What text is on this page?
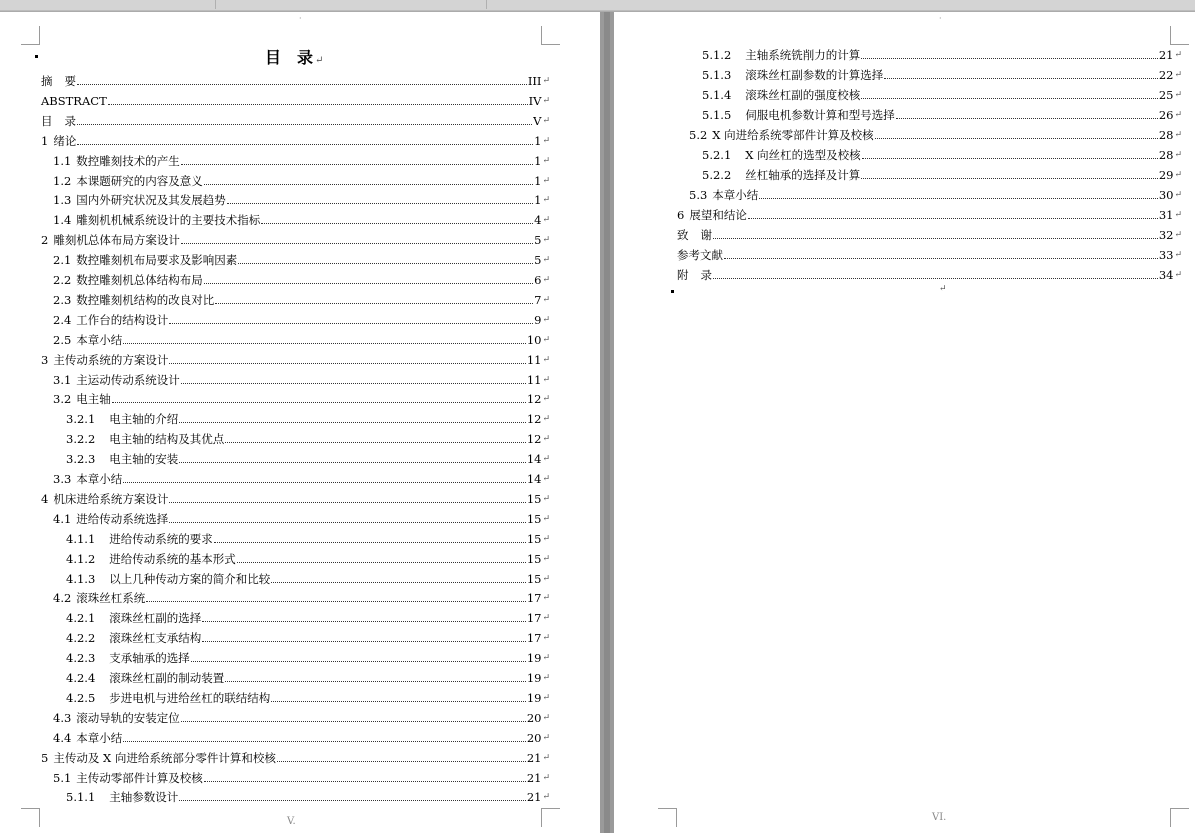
·
目 录↵
摘 要	III ↵
ABSTRACT	IV ↵
目 录	V ↵
1 绪论	1 ↵
1.1 数控雕刻技术的产生	1 ↵
1.2 本课题研究的内容及意义	1 ↵
1.3 国内外研究状况及其发展趋势	1 ↵
1.4 雕刻机机械系统设计的主要技术指标	4 ↵
2 雕刻机总体布局方案设计	5 ↵
2.1 数控雕刻机布局要求及影响因素	5 ↵
2.2 数控雕刻机总体结构布局	6 ↵
2.3 数控雕刻机结构的改良对比	7 ↵
2.4 工作台的结构设计	9 ↵
2.5 本章小结	10 ↵
3 主传动系统的方案设计	11 ↵
3.1 主运动传动系统设计	11 ↵
3.2 电主轴	12 ↵
3.2.1 电主轴的介绍	12 ↵
3.2.2 电主轴的结构及其优点	12 ↵
3.2.3 电主轴的安装	14 ↵
3.3 本章小结	14 ↵
4 机床进给系统方案设计	15 ↵
4.1 进给传动系统选择	15 ↵
4.1.1 进给传动系统的要求	15 ↵
4.1.2 进给传动系统的基本形式	15 ↵
4.1.3 以上几种传动方案的简介和比较	15 ↵
4.2 滚珠丝杠系统	17 ↵
4.2.1 滚珠丝杠副的选择	17 ↵
4.2.2 滚珠丝杠支承结构	17 ↵
4.2.3 支承轴承的选择	19 ↵
4.2.4 滚珠丝杠副的制动装置	19 ↵
4.2.5 步进电机与进给丝杠的联结结构	19 ↵
4.3 滚动导轨的安装定位	20 ↵
4.4 本章小结	20 ↵
5 主传动及 X 向进给系统部分零件计算和校核	21 ↵
5.1 主传动零部件计算及校核	21 ↵
5.1.1 主轴参数设计	21 ↵
V.
·
5.1.2 主轴系统铣削力的计算	21 ↵
5.1.3 滚珠丝杠副参数的计算选择	22 ↵
5.1.4 滚珠丝杠副的强度校核	25 ↵
5.1.5 伺服电机参数计算和型号选择	26 ↵
5.2 X 向进给系统零部件计算及校核	28 ↵
5.2.1 X 向丝杠的选型及校核	28 ↵
5.2.2 丝杠轴承的选择及计算	29 ↵
5.3 本章小结	30 ↵
6 展望和结论	31 ↵
致 谢	32 ↵
参考文献	33 ↵
附 录	34 ↵
↵
VI.
